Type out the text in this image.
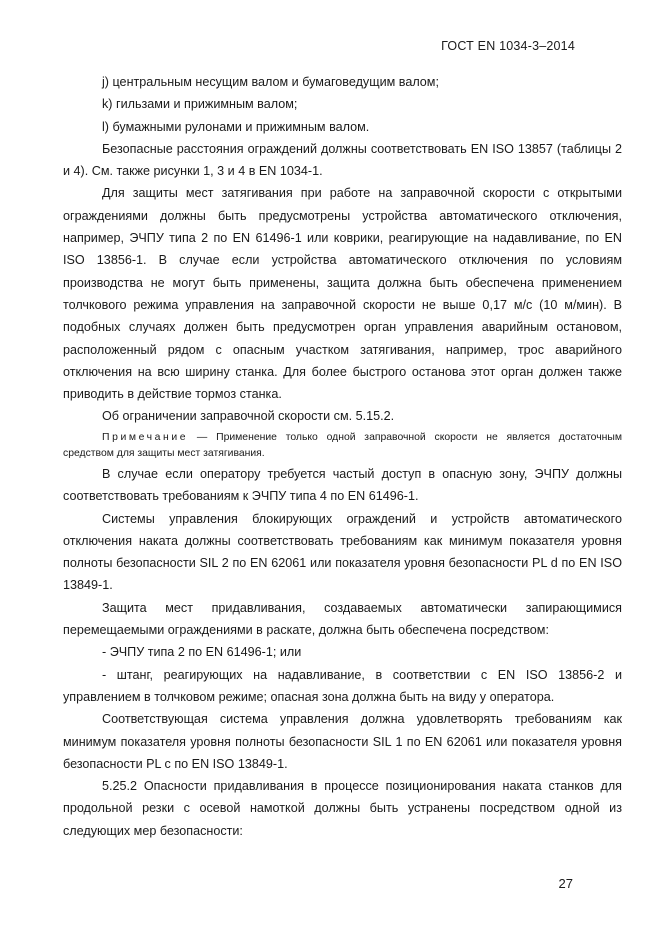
ГОСТ EN 1034-3–2014

j) центральным несущим валом и бумаговедущим валом;

k) гильзами и прижимным валом;

l) бумажными рулонами и прижимным валом.

Безопасные расстояния ограждений должны соответствовать EN ISO 13857 (таблицы 2 и 4). См. также рисунки 1, 3 и 4 в EN 1034-1.

Для защиты мест затягивания при работе на заправочной скорости с открытыми ограждениями должны быть предусмотрены устройства автоматического отключения, например, ЭЧПУ типа 2 по EN 61496-1 или коврики, реагирующие на надавливание, по EN ISO 13856-1. В случае если устройства автоматического отключения по условиям производства не могут быть применены, защита должна быть обеспечена применением толчкового режима управления на заправочной скорости не выше 0,17 м/с (10 м/мин). В подобных случаях должен быть предусмотрен орган управления аварийным остановом, расположенный рядом с опасным участком затягивания, например, трос аварийного отключения на всю ширину станка. Для более быстрого останова этот орган должен также приводить в действие тормоз станка.

Об ограничении заправочной скорости см. 5.15.2.

Примечание — Применение только одной заправочной скорости не является достаточным средством для защиты мест затягивания.

В случае если оператору требуется частый доступ в опасную зону, ЭЧПУ должны соответствовать требованиям к ЭЧПУ типа 4 по EN 61496-1.

Системы управления блокирующих ограждений и устройств автоматического отключения наката должны соответствовать требованиям как минимум показателя уровня полноты безопасности SIL 2 по EN 62061 или показателя уровня безопасности PL d по EN ISO 13849-1.

Защита мест придавливания, создаваемых автоматически запирающимися перемещаемыми ограждениями в раскате, должна быть обеспечена посредством:

- ЭЧПУ типа 2 по EN 61496-1; или

- штанг, реагирующих на надавливание, в соответствии с EN ISO 13856-2 и управлением в толчковом режиме; опасная зона должна быть на виду у оператора.

Соответствующая система управления должна удовлетворять требованиям как минимум показателя уровня полноты безопасности SIL 1 по EN 62061 или показателя уровня безопасности PL c по EN ISO 13849-1.

5.25.2 Опасности придавливания в процессе позиционирования наката станков для продольной резки с осевой намоткой должны быть устранены посредством одной из следующих мер безопасности:

27
